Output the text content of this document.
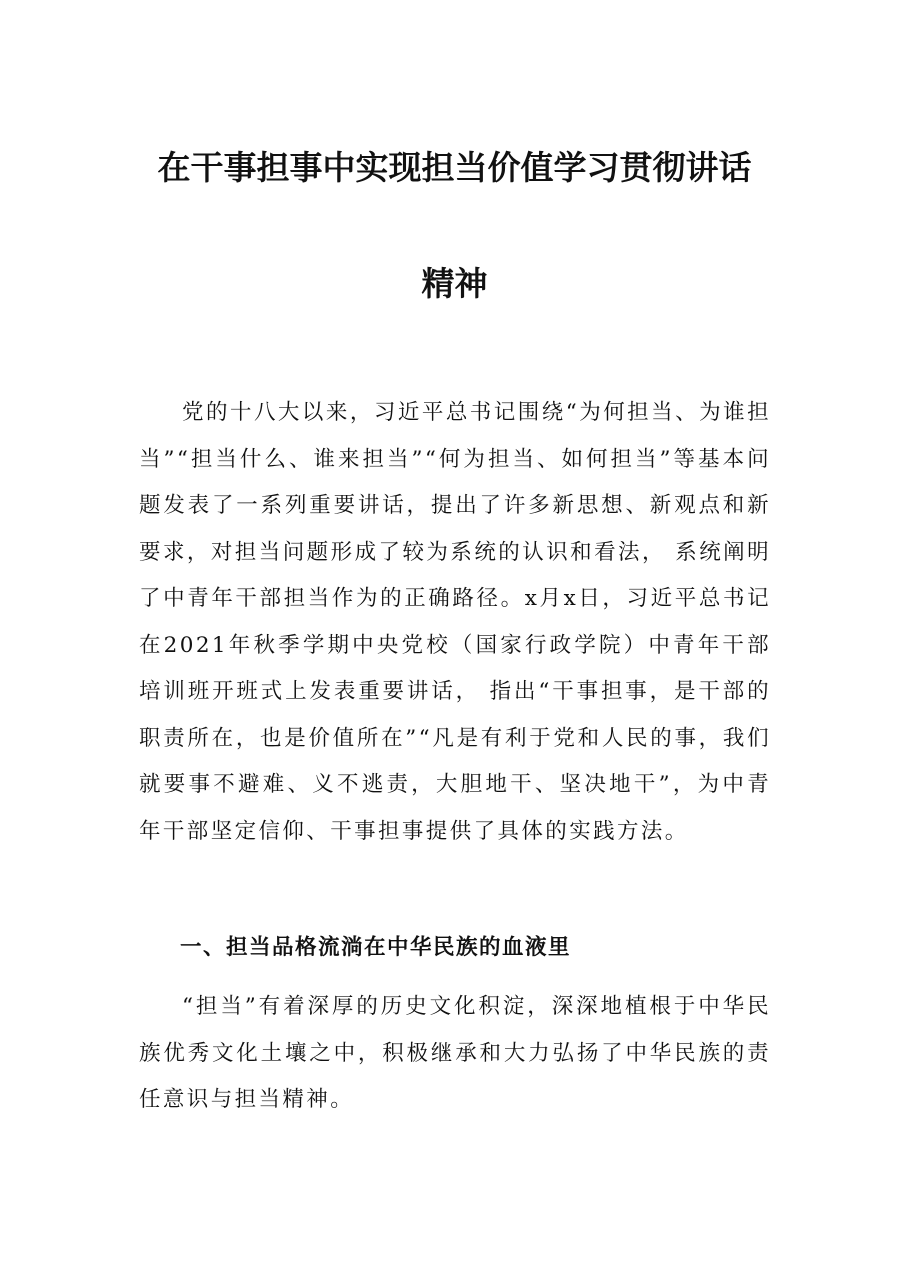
在干事担事中实现担当价值学习贯彻讲话
精神

党的十八大以来，习近平总书记围绕“为何担当、为谁担当”“担当什么、谁来担当”“何为担当、如何担当”等基本问题发表了一系列重要讲话，提出了许多新思想、新观点和新要求，对担当问题形成了较为系统的认识和看法， 系统阐明了中青年干部担当作为的正确路径。x月x日，习近平总书记在2021年秋季学期中央党校（国家行政学院）中青年干部培训班开班式上发表重要讲话， 指出“干事担事，是干部的职责所在，也是价值所在”“凡是有利于党和人民的事，我们就要事不避难、义不逃责，大胆地干、坚决地干”，为中青年干部坚定信仰、干事担事提供了具体的实践方法。

一、担当品格流淌在中华民族的血液里

“担当”有着深厚的历史文化积淀，深深地植根于中华民族优秀文化土壤之中，积极继承和大力弘扬了中华民族的责任意识与担当精神。
